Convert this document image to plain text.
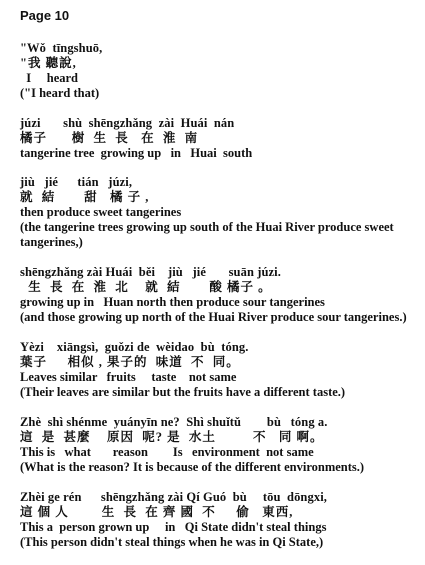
Page 10
"Wǒ  tīngshuō,
"我 聽說,
I     heard
("I heard that)
júzi       shù  shēngzhǎng  zài  Huái  nán
橘子      樹  生  長   在  淮  南
tangerine tree  growing up   in   Huai  south
jiù   jié      tián   júzi,
就  結       甜   橘 子 ,
then produce sweet tangerines
(the tangerine trees growing up south of the Huai River produce sweet tangerines,)
shēngzhǎng zài Huái  běi    jiù   jié       suān júzi.
生  長  在  淮  北    就  結       酸 橘子 。
growing up in   Huan north then produce sour tangerines
(and those growing up north of the Huai River produce sour tangerines.)
Yèzi    xiāngsì,  guǒzi de  wèidao  bù  tóng.
葉子     相似 , 果子的  味道  不  同。
Leaves similar   fruits     taste    not same
(Their leaves are similar but the fruits have a different taste.)
Zhè  shì shénme  yuányīn ne?  Shì shuǐtǔ        bù   tóng a.
這  是  甚麼    原因  呢? 是  水土         不   同 啊。
This is   what       reason        Is   environment  not same
(What is the reason? It is because of the different environments.)
Zhèi ge rén      shēngzhǎng zài Qí Guó  bù     tōu  dōngxi,
這 個 人        生  長  在 齊 國  不     偷   東西,
This a  person grown up     in   Qi State didn't steal things
(This person didn't steal things when he was in Qi State,)
